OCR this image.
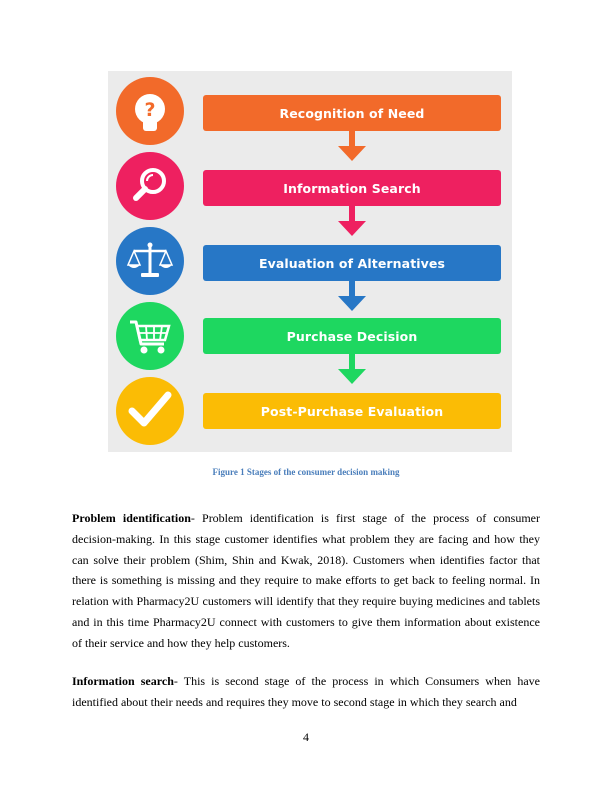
?	Recognition of Need
Information Search
Evaluation of Alternatives
Purchase Decision
Post-Purchase Evaluation
Figure 1 Stages of the consumer decision making

Problem identification- Problem identification is first stage of the process of consumer decision-making. In this stage customer identifies what problem they are facing and how they can solve their problem (Shim, Shin and Kwak, 2018). Customers when identifies factor that there is something is missing and they require to make efforts to get back to feeling normal. In relation with Pharmacy2U customers will identify that they require buying medicines and tablets and in this time Pharmacy2U connect with customers to give them information about existence of their service and how they help customers.

Information search- This is second stage of the process in which Consumers when have identified about their needs and requires they move to second stage in which they search and

4
